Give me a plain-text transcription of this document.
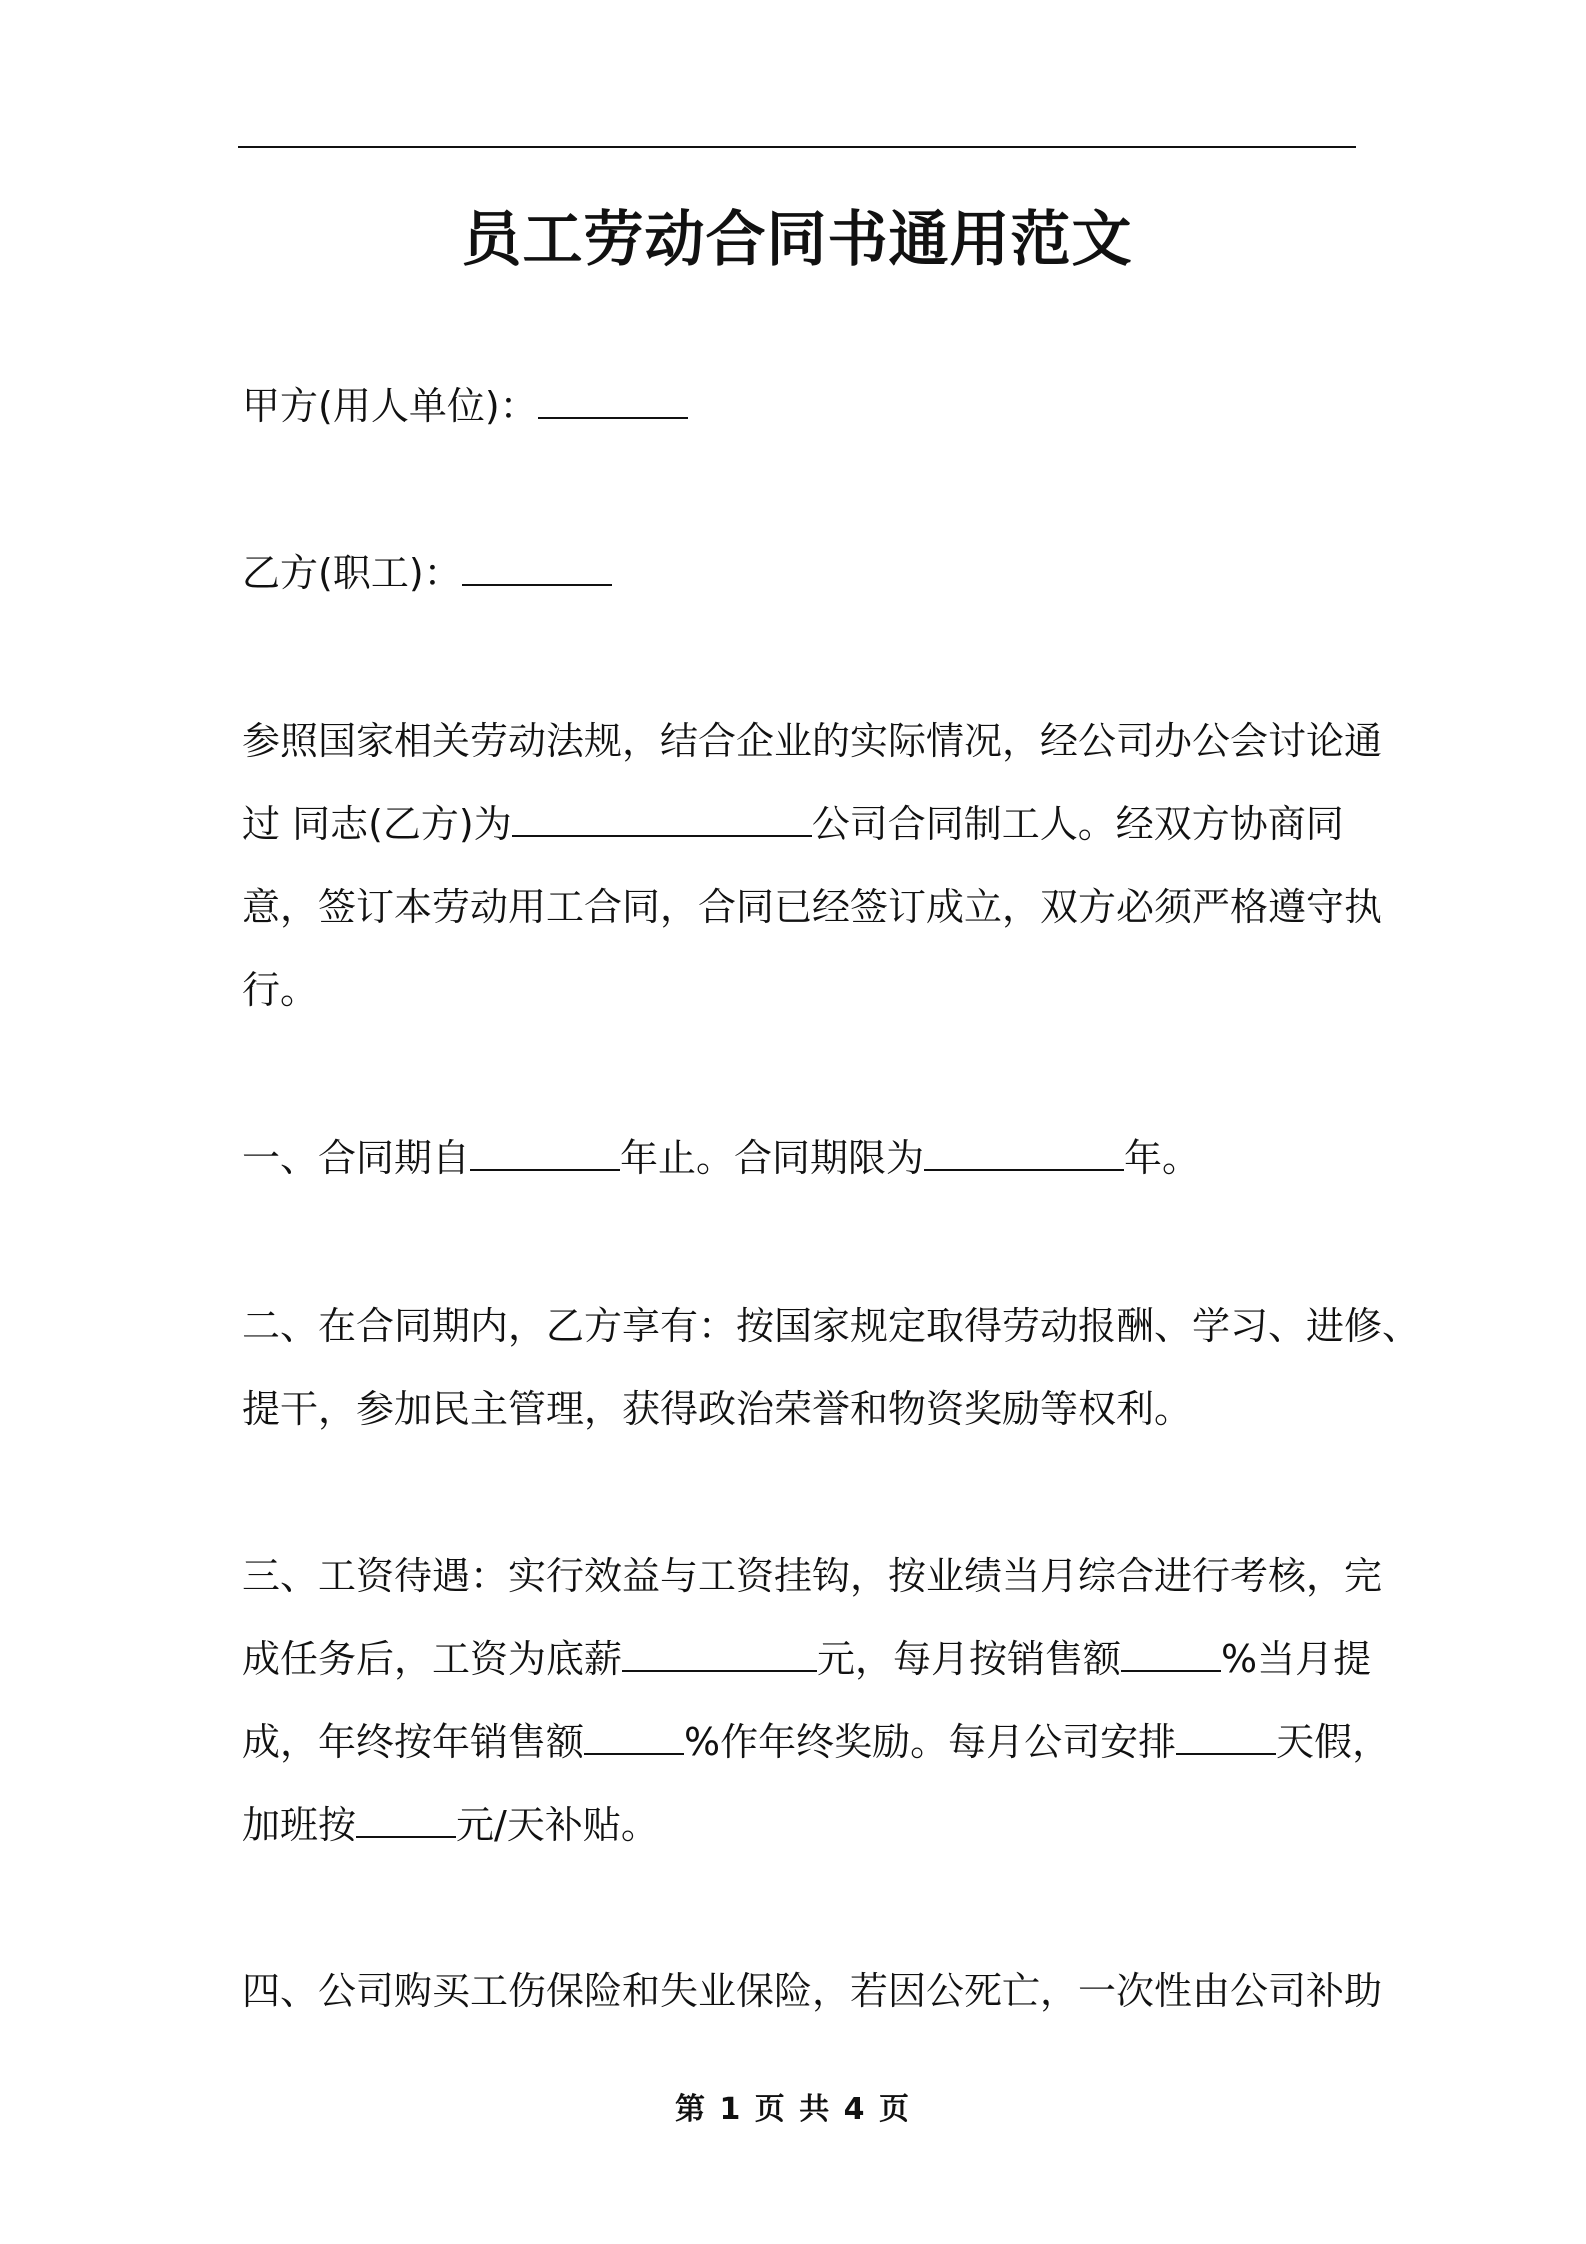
员工劳动合同书通用范文
甲方(用人单位)：
乙方(职工)：
参照国家相关劳动法规，结合企业的实际情况，经公司办公会讨论通
过 同志(乙方)为	公司合同制工人。经双方协商同
意，签订本劳动用工合同，合同已经签订成立，双方必须严格遵守执
行。
一、合同期自	年止。合同期限为	年。
二、在合同期内，乙方享有：按国家规定取得劳动报酬、学习、进修、
提干，参加民主管理，获得政治荣誉和物资奖励等权利。
三、工资待遇：实行效益与工资挂钩，按业绩当月综合进行考核，完
成任务后，工资为底薪	元，每月按销售额	%当月提
成，年终按年销售额	%作年终奖励。每月公司安排	天假，
加班按	元/天补贴。
四、公司购买工伤保险和失业保险，若因公死亡，一次性由公司补助
第 1 页 共 4 页
